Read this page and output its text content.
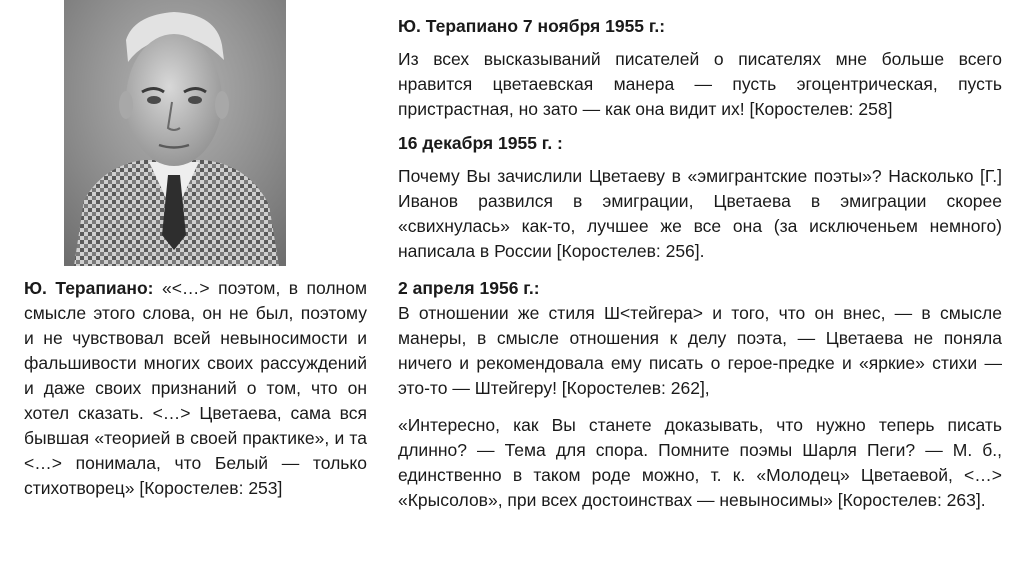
Ю. Терапиано: «<…> поэтом, в полном смысле этого слова, он не был, поэтому и не чувствовал всей невыносимости и фальшивости многих своих рассуждений и даже своих признаний о том, что он хотел сказать. <…> Цветаева, сама вся бывшая «теорией в своей практике», и та <…> понимала, что Белый — только стихотворец» [Коростелев: 253]

Ю. Терапиано 7 ноября 1955 г.:

Из всех высказываний писателей о писателях мне больше всего нравится цветаевская манера — пусть эгоцентрическая, пусть пристрастная, но зато — как она видит их! [Коростелев: 258]

16 декабря 1955 г. :

Почему Вы зачислили Цветаеву в «эмигрантские поэты»? Насколько [Г.] Иванов развился в эмиграции, Цветаева в эмиграции скорее «свихнулась» как-то, лучшее же все она (за исключеньем немного) написала в России [Коростелев: 256].

2 апреля 1956 г.:

В отношении же стиля Ш<тейгера> и того, что он внес, — в смысле манеры, в смысле отношения к делу поэта, — Цветаева не поняла ничего и рекомендовала ему писать о герое-предке и «яркие» стихи — это-то — Штейгеру! [Коростелев: 262],

«Интересно, как Вы станете доказывать, что нужно теперь писать длинно? — Тема для спора. Помните поэмы Шарля Пеги? — М. б., единственно в таком роде можно, т. к. «Молодец» Цветаевой, <…> «Крысолов», при всех достоинствах — невыносимы» [Коростелев: 263].
